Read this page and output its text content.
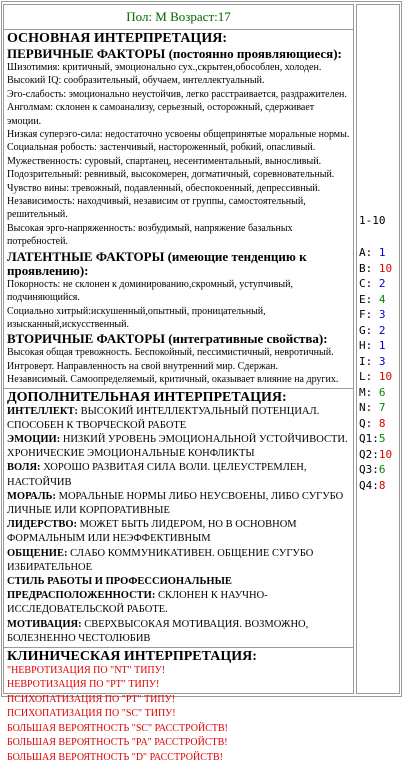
Пол: М Возраст:17
ОСНОВНАЯ ИНТЕРПРЕТАЦИЯ:
ПЕРВИЧНЫЕ ФАКТОРЫ (постоянно проявляющиеся):
Шизотимия: критичный, эмоционально сух.,скрытен,обособлен, холоден.
Высокий IQ: сообразительный, обучаем, интеллектуальный.
Эго-слабость: эмоционально неустойчив, легко расстраивается, раздражителен.
Анголмам: склонен к самоанализу, серьезный, осторожный, сдерживает эмоции.
Низкая суперэго-сила: недостаточно усвоены общепринятые моральные нормы.
Социальная робость: застенчивый, настороженный, робкий, опасливый.
Мужественность: суровый, спартанец, несентиментальный, выносливый.
Подозрительный: ревнивый, высокомерен, догматичный, соревновательный.
Чувство вины: тревожный, подавленный, обеспокоенный, депрессивный.
Независимость: находчивый, независим от группы, самостоятельный, решительный.
Высокая эрго-напряженность: возбудимый, напряжение базальных потребностей.
ЛАТЕНТНЫЕ ФАКТОРЫ (имеющие тенденцию к проявлению):
Покорность: не склонен к доминированию,скромный, уступчивый, подчиняющийся.
Социально хитрый:искушенный,опытный, проницательный, изысканный,искусственный.
ВТОРИЧНЫЕ ФАКТОРЫ (интегративные свойства):
Высокая общая тревожность. Беспокойный, пессимистичный, невротичный.
Интроверт. Направленность на свой внутренний мир. Сдержан.
Независимый. Самоопределяемый, критичный, оказывает влияние на других.
ДОПОЛНИТЕЛЬНАЯ ИНТЕРПРЕТАЦИЯ:
ИНТЕЛЛЕКТ: ВЫСОКИЙ ИНТЕЛЛЕКТУАЛЬНЫЙ ПОТЕНЦИАЛ. СПОСОБЕН К ТВОРЧЕСКОЙ РАБОТЕ
ЭМОЦИИ: НИЗКИЙ УРОВЕНЬ ЭМОЦИОНАЛЬНОЙ УСТОЙЧИВОСТИ. ХРОНИЧЕСКИЕ ЭМОЦИОНАЛЬНЫЕ КОНФЛИКТЫ
ВОЛЯ: ХОРОШО РАЗВИТАЯ СИЛА ВОЛИ. ЦЕЛЕУСТРЕМЛЕН, НАСТОЙЧИВ
МОРАЛЬ: МОРАЛЬНЫЕ НОРМЫ ЛИБО НЕУСВОЕНЫ, ЛИБО СУГУБО ЛИЧНЫЕ ИЛИ КОРПОРАТИВНЫЕ
ЛИДЕРСТВО: МОЖЕТ БЫТЬ ЛИДЕРОМ, НО В ОСНОВНОМ ФОРМАЛЬНЫМ ИЛИ НЕЭФФЕКТИВНЫМ
ОБЩЕНИЕ: СЛАБО КОММУНИКАТИВЕН. ОБЩЕНИЕ СУГУБО ИЗБИРАТЕЛЬНОЕ
СТИЛЬ РАБОТЫ И ПРОФЕССИОНАЛЬНЫЕ ПРЕДРАСПОЛОЖЕННОСТИ: СКЛОНЕН К НАУЧНО-ИССЛЕДОВАТЕЛЬСКОЙ РАБОТЕ.
МОТИВАЦИЯ: СВЕРХВЫСОКАЯ МОТИВАЦИЯ. ВОЗМОЖНО, БОЛЕЗНЕННО ЧЕСТОЛЮБИВ
КЛИНИЧЕСКАЯ ИНТЕРПРЕТАЦИЯ:
"НЕВРОТИЗАЦИЯ ПО "NT" ТИПУ!
НЕВРОТИЗАЦИЯ ПО "PT" ТИПУ!
ПСИХОПАТИЗАЦИЯ ПО "PT" ТИПУ!
ПСИХОПАТИЗАЦИЯ ПО "SC" ТИПУ!
БОЛЬШАЯ ВЕРОЯТНОСТЬ "SC" РАССТРОЙСТВ!
БОЛЬШАЯ ВЕРОЯТНОСТЬ "PA" РАССТРОЙСТВ!
БОЛЬШАЯ ВЕРОЯТНОСТЬ "D" РАССТРОЙСТВ!
1-10
A: 1
B: 10
C: 2
E: 4
F: 3
G: 2
H: 1
I: 3
L: 10
M: 6
N: 7
Q: 8
Q1:5
Q2:10
Q3:6
Q4:8
